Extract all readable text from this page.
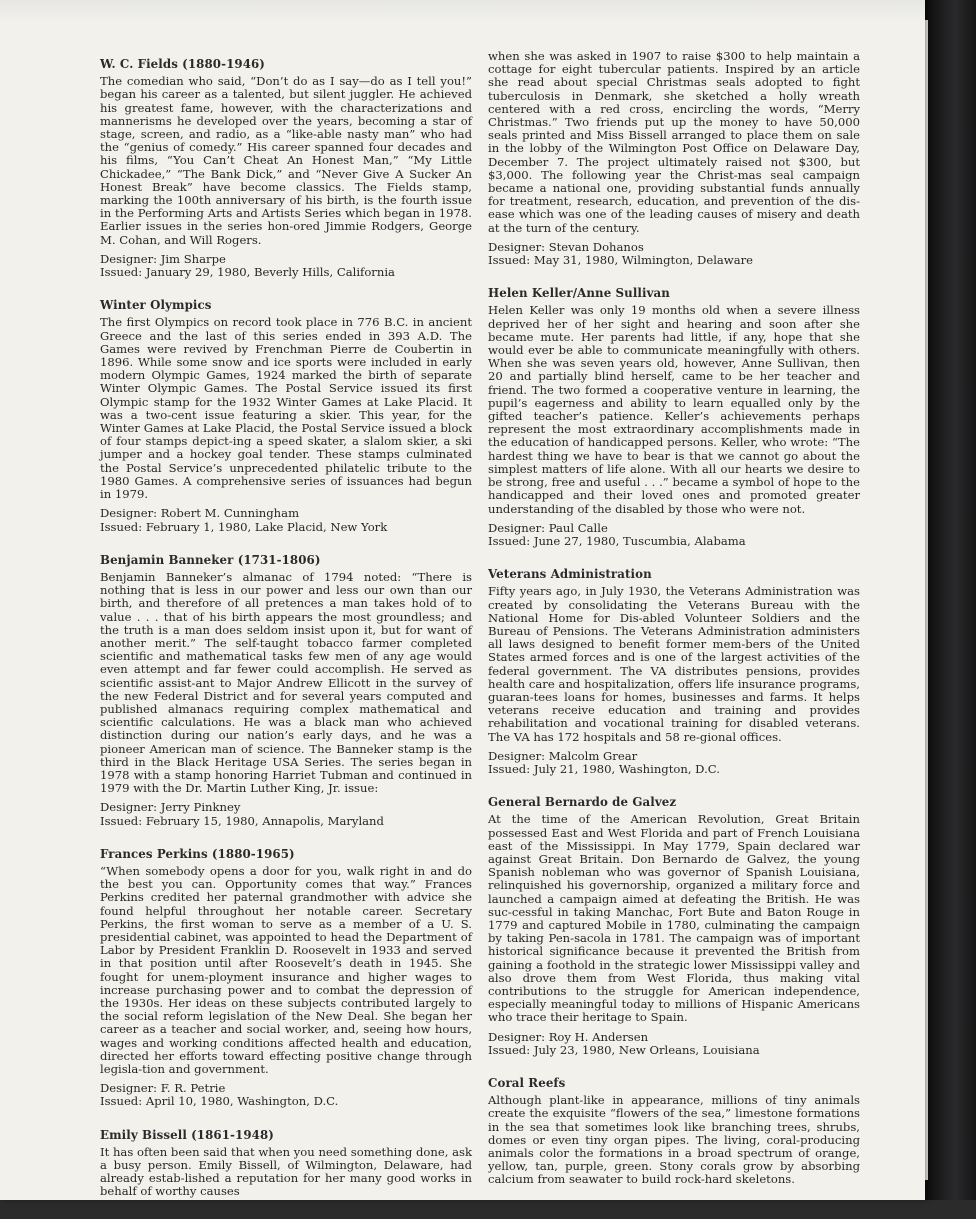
W. C. Fields (1880-1946)

The comedian who said, “Don’t do as I say—do as I tell you!” began his career as a talented, but silent juggler. He achieved his greatest fame, however, with the characterizations and mannerisms he developed over the years, becoming a star of stage, screen, and radio, as a “like-able nasty man” who had the “genius of comedy.” His career spanned four decades and his films, “You Can’t Cheat An Honest Man,” “My Little Chickadee,” “The Bank Dick,” and “Never Give A Sucker An Honest Break” have become classics. The Fields stamp, marking the 100th anniversary of his birth, is the fourth issue in the Performing Arts and Artists Series which began in 1978. Earlier issues in the series hon-ored Jimmie Rodgers, George M. Cohan, and Will Rogers.

Designer: Jim Sharpe
Issued: January 29, 1980, Beverly Hills, California
Winter Olympics

The first Olympics on record took place in 776 B.C. in ancient Greece and the last of this series ended in 393 A.D. The Games were revived by Frenchman Pierre de Coubertin in 1896. While some snow and ice sports were included in early modern Olympic Games, 1924 marked the birth of separate Winter Olympic Games. The Postal Service issued its first Olympic stamp for the 1932 Winter Games at Lake Placid. It was a two-cent issue featuring a skier. This year, for the Winter Games at Lake Placid, the Postal Service issued a block of four stamps depict-ing a speed skater, a slalom skier, a ski jumper and a hockey goal tender. These stamps culminated the Postal Service’s unprecedented philatelic tribute to the 1980 Games. A comprehensive series of issuances had begun in 1979.

Designer: Robert M. Cunningham
Issued: February 1, 1980, Lake Placid, New York
Benjamin Banneker (1731-1806)

Benjamin Banneker’s almanac of 1794 noted: “There is nothing that is less in our power and less our own than our birth, and therefore of all pretences a man takes hold of to value . . . that of his birth appears the most groundless; and the truth is a man does seldom insist upon it, but for want of another merit.” The self-taught tobacco farmer completed scientific and mathematical tasks few men of any age would even attempt and far fewer could accomplish. He served as scientific assist-ant to Major Andrew Ellicott in the survey of the new Federal District and for several years computed and published almanacs requiring complex mathematical and scientific calculations. He was a black man who achieved distinction during our nation’s early days, and he was a pioneer American man of science. The Banneker stamp is the third in the Black Heritage USA Series. The series began in 1978 with a stamp honoring Harriet Tubman and continued in 1979 with the Dr. Martin Luther King, Jr. issue:

Designer: Jerry Pinkney
Issued: February 15, 1980, Annapolis, Maryland
Frances Perkins (1880-1965)

“When somebody opens a door for you, walk right in and do the best you can. Opportunity comes that way.” Frances Perkins credited her paternal grandmother with advice she found helpful throughout her notable career. Secretary Perkins, the first woman to serve as a member of a U. S. presidential cabinet, was appointed to head the Department of Labor by President Franklin D. Roosevelt in 1933 and served in that position until after Roosevelt’s death in 1945. She fought for unem-ployment insurance and higher wages to increase purchasing power and to combat the depression of the 1930s. Her ideas on these subjects contributed largely to the social reform legislation of the New Deal. She began her career as a teacher and social worker, and, seeing how hours, wages and working conditions affected health and education, directed her efforts toward effecting positive change through legisla-tion and government.

Designer: F. R. Petrie
Issued: April 10, 1980, Washington, D.C.
Emily Bissell (1861-1948)

It has often been said that when you need something done, ask a busy person. Emily Bissell, of Wilmington, Delaware, had already estab-lished a reputation for her many good works in behalf of worthy causes

when she was asked in 1907 to raise $300 to help maintain a cottage for eight tubercular patients. Inspired by an article she read about special Christmas seals adopted to fight tuberculosis in Denmark, she sketched a holly wreath centered with a red cross, encircling the words, “Merry Christmas.” Two friends put up the money to have 50,000 seals printed and Miss Bissell arranged to place them on sale in the lobby of the Wilmington Post Office on Delaware Day, December 7. The project ultimately raised not $300, but $3,000. The following year the Christ-mas seal campaign became a national one, providing substantial funds annually for treatment, research, education, and prevention of the dis-ease which was one of the leading causes of misery and death at the turn of the century.

Designer: Stevan Dohanos
Issued: May 31, 1980, Wilmington, Delaware
Helen Keller/Anne Sullivan

Helen Keller was only 19 months old when a severe illness deprived her of her sight and hearing and soon after she became mute. Her parents had little, if any, hope that she would ever be able to communicate meaningfully with others. When she was seven years old, however, Anne Sullivan, then 20 and partially blind herself, came to be her teacher and friend. The two formed a cooperative venture in learning, the pupil’s eagerness and ability to learn equalled only by the gifted teacher’s patience. Keller’s achievements perhaps represent the most extraordinary accomplishments made in the education of handicapped persons. Keller, who wrote: “The hardest thing we have to bear is that we cannot go about the simplest matters of life alone. With all our hearts we desire to be strong, free and useful . . .” became a symbol of hope to the handicapped and their loved ones and promoted greater understanding of the disabled by those who were not.

Designer: Paul Calle
Issued: June 27, 1980, Tuscumbia, Alabama
Veterans Administration

Fifty years ago, in July 1930, the Veterans Administration was created by consolidating the Veterans Bureau with the National Home for Dis-abled Volunteer Soldiers and the Bureau of Pensions. The Veterans Administration administers all laws designed to benefit former mem-bers of the United States armed forces and is one of the largest activities of the federal government. The VA distributes pensions, provides health care and hospitalization, offers life insurance programs, guaran-tees loans for homes, businesses and farms. It helps veterans receive education and training and provides rehabilitation and vocational training for disabled veterans. The VA has 172 hospitals and 58 re-gional offices.

Designer: Malcolm Grear
Issued: July 21, 1980, Washington, D.C.
General Bernardo de Galvez

At the time of the American Revolution, Great Britain possessed East and West Florida and part of French Louisiana east of the Mississippi. In May 1779, Spain declared war against Great Britain. Don Bernardo de Galvez, the young Spanish nobleman who was governor of Spanish Louisiana, relinquished his governorship, organized a military force and launched a campaign aimed at defeating the British. He was suc-cessful in taking Manchac, Fort Bute and Baton Rouge in 1779 and captured Mobile in 1780, culminating the campaign by taking Pen-sacola in 1781. The campaign was of important historical significance because it prevented the British from gaining a foothold in the strategic lower Mississippi valley and also drove them from West Florida, thus making vital contributions to the struggle for American independence, especially meaningful today to millions of Hispanic Americans who trace their heritage to Spain.

Designer: Roy H. Andersen
Issued: July 23, 1980, New Orleans, Louisiana
Coral Reefs

Although plant-like in appearance, millions of tiny animals create the exquisite “flowers of the sea,” limestone formations in the sea that sometimes look like branching trees, shrubs, domes or even tiny organ pipes. The living, coral-producing animals color the formations in a broad spectrum of orange, yellow, tan, purple, green. Stony corals grow by absorbing calcium from seawater to build rock-hard skeletons.
